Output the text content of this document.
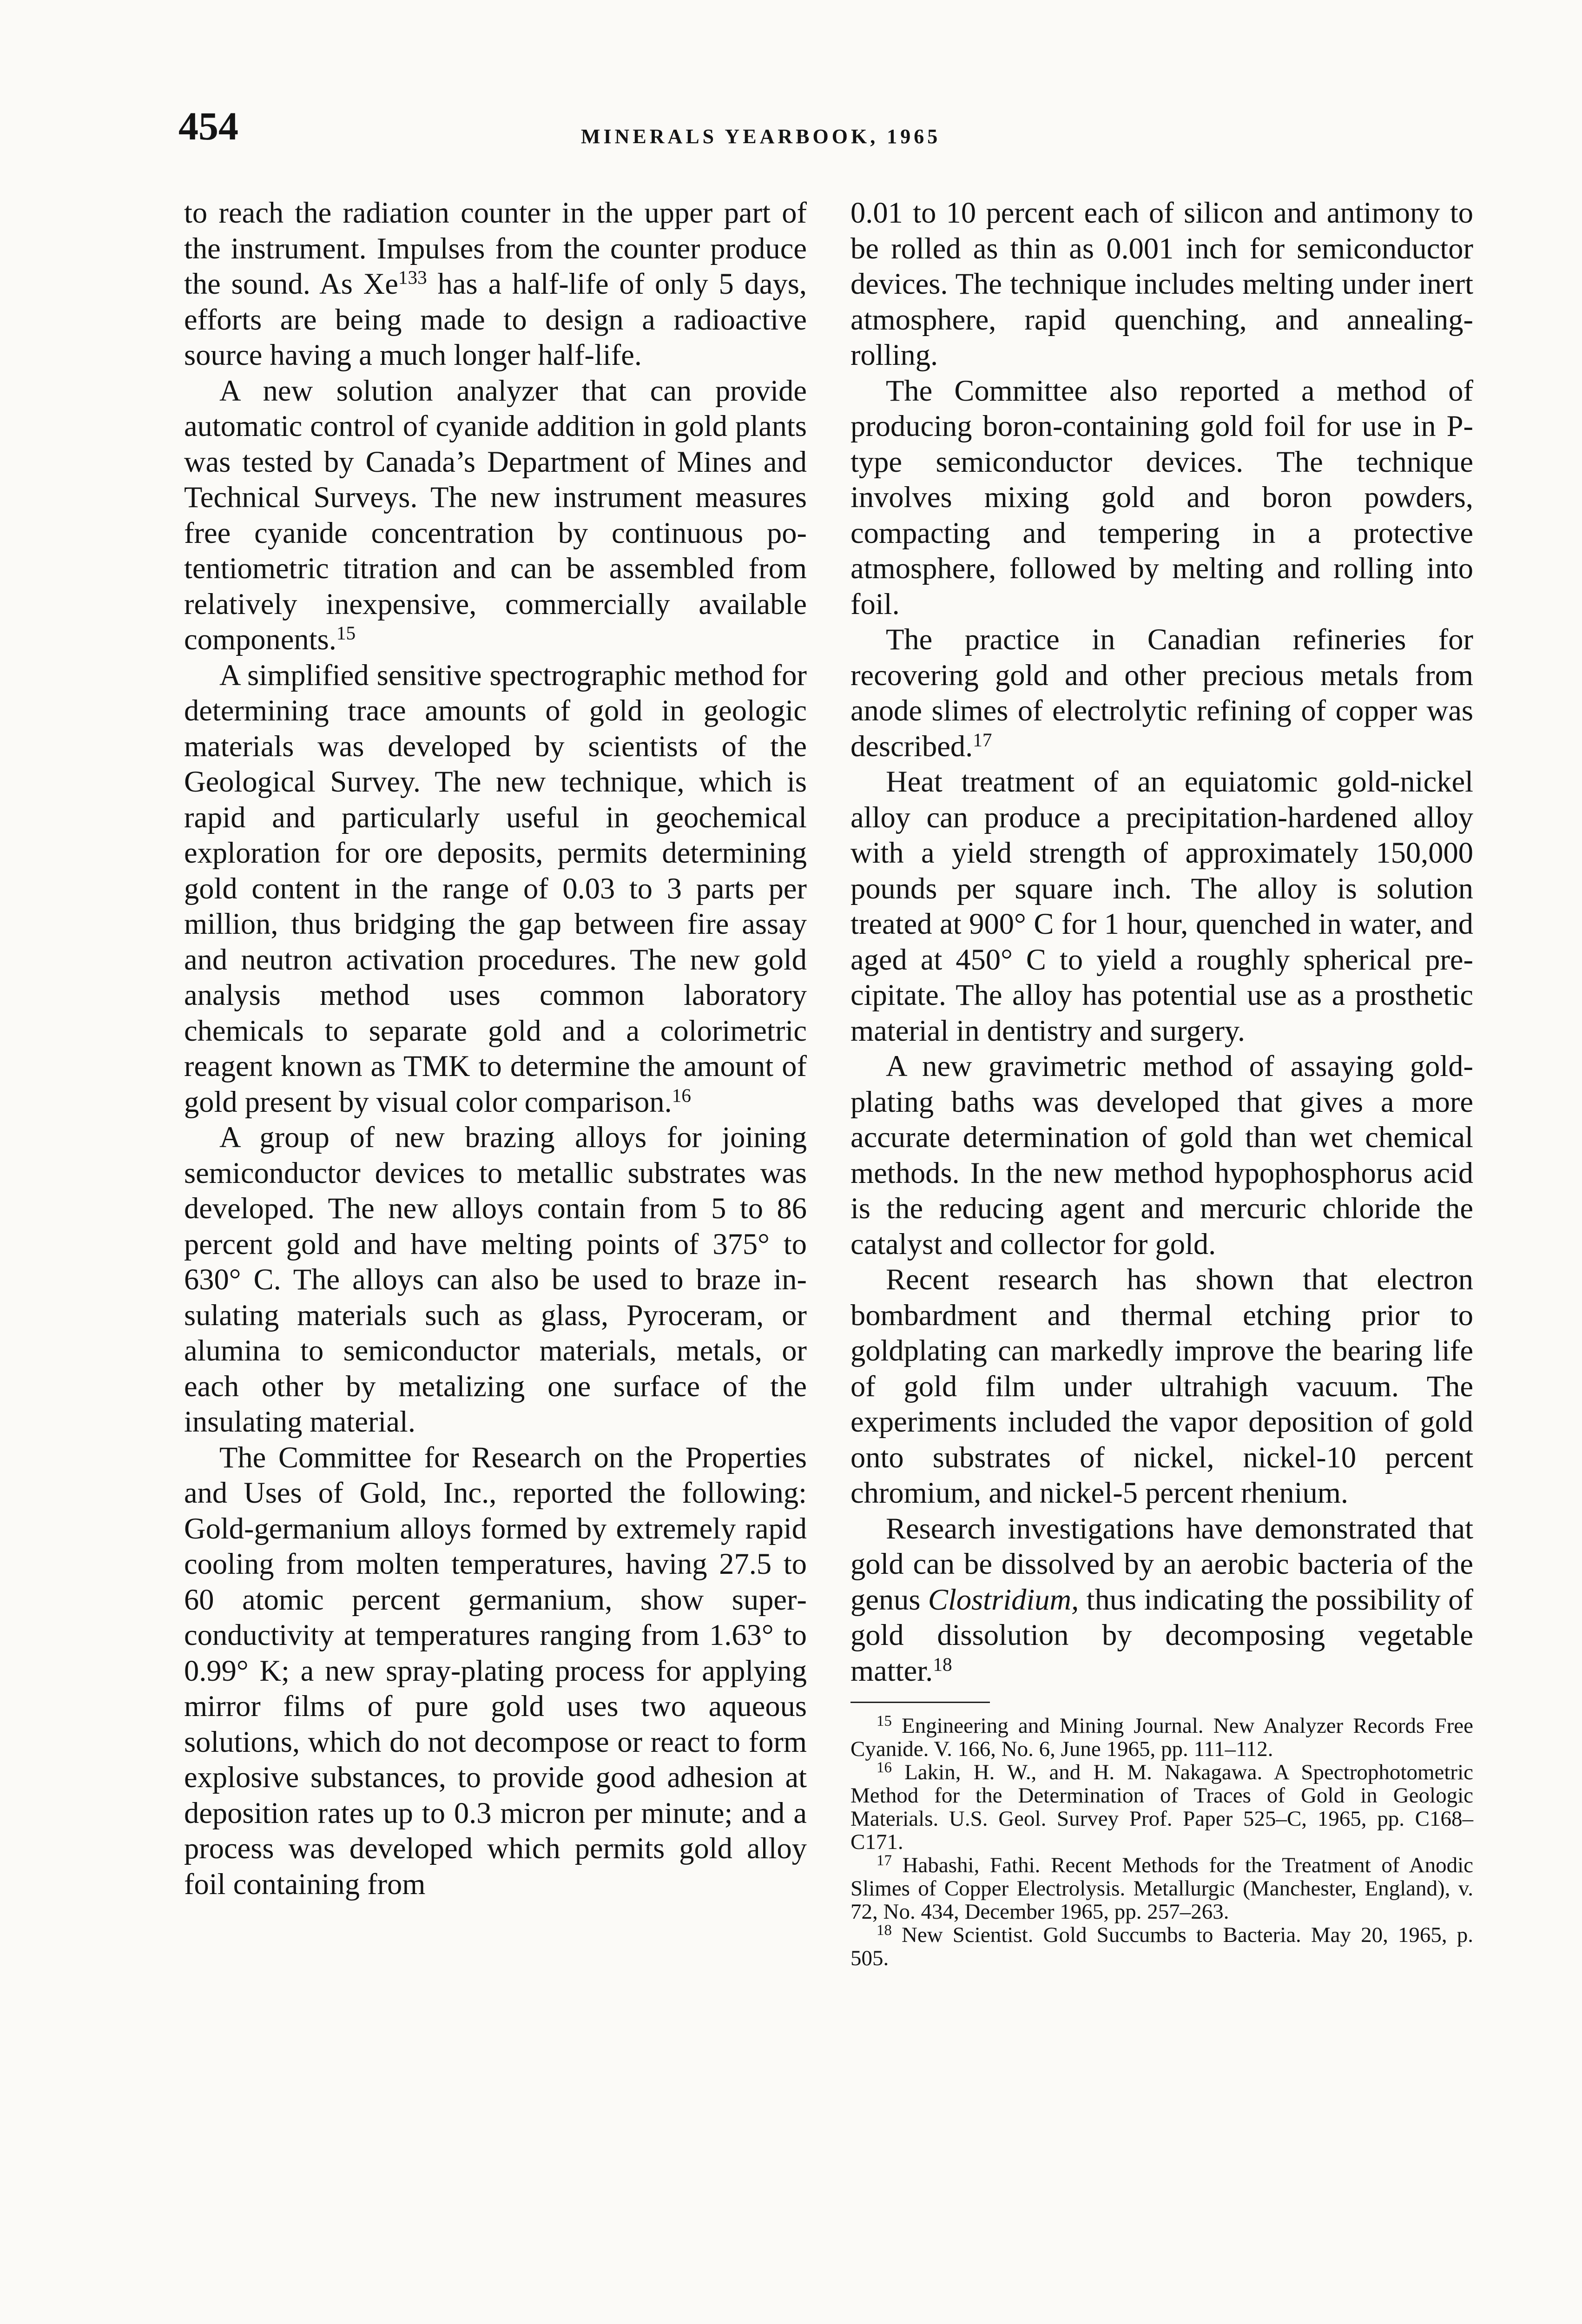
454	MINERALS YEARBOOK, 1965

to reach the radiation counter in the upper part of the instrument. Impulses from the counter produce the sound. As Xe$^{133}$ has a half-life of only 5 days, efforts are being made to design a radioactive source having a much longer half-life.

A new solution analyzer that can provide automatic control of cyanide addition in gold plants was tested by Canada’s Department of Mines and Technical Surveys. The new instrument measures free cyanide concentration by continuous potentiometric titration and can be assembled from relatively inexpensive, commercially available components.$^{15}$

A simplified sensitive spectrographic method for determining trace amounts of gold in geologic materials was developed by scientists of the Geological Survey. The new technique, which is rapid and particularly useful in geochemical exploration for ore deposits, permits determining gold content in the range of 0.03 to 3 parts per million, thus bridging the gap between fire assay and neutron activation procedures. The new gold analysis method uses common laboratory chemicals to separate gold and a colorimetric reagent known as TMK to determine the amount of gold present by visual color comparison.$^{16}$

A group of new brazing alloys for joining semiconductor devices to metallic substrates was developed. The new alloys contain from 5 to 86 percent gold and have melting points of 375° to 630° C. The alloys can also be used to braze insulating materials such as glass, Pyroceram, or alumina to semiconductor materials, metals, or each other by metalizing one surface of the insulating material.

The Committee for Research on the Properties and Uses of Gold, Inc., reported the following: Gold-germanium alloys formed by extremely rapid cooling from molten temperatures, having 27.5 to 60 atomic percent germanium, show superconductivity at temperatures ranging from 1.63° to 0.99° K; a new spray-plating process for applying mirror films of pure gold uses two aqueous solutions, which do not decompose or react to form explosive substances, to provide good adhesion at deposition rates up to 0.3 micron per minute; and a process was developed which permits gold alloy foil containing from

0.01 to 10 percent each of silicon and antimony to be rolled as thin as 0.001 inch for semiconductor devices. The technique includes melting under inert atmosphere, rapid quenching, and annealing-rolling.

The Committee also reported a method of producing boron-containing gold foil for use in P-type semiconductor devices. The technique involves mixing gold and boron powders, compacting and tempering in a protective atmosphere, followed by melting and rolling into foil.

The practice in Canadian refineries for recovering gold and other precious metals from anode slimes of electrolytic refining of copper was described.$^{17}$

Heat treatment of an equiatomic gold-nickel alloy can produce a precipitation-hardened alloy with a yield strength of approximately 150,000 pounds per square inch. The alloy is solution treated at 900° C for 1 hour, quenched in water, and aged at 450° C to yield a roughly spherical precipitate. The alloy has potential use as a prosthetic material in dentistry and surgery.

A new gravimetric method of assaying gold-plating baths was developed that gives a more accurate determination of gold than wet chemical methods. In the new method hypophosphorus acid is the reducing agent and mercuric chloride the catalyst and collector for gold.

Recent research has shown that electron bombardment and thermal etching prior to goldplating can markedly improve the bearing life of gold film under ultrahigh vacuum. The experiments included the vapor deposition of gold onto substrates of nickel, nickel-10 percent chromium, and nickel-5 percent rhenium.

Research investigations have demonstrated that gold can be dissolved by an aerobic bacteria of the genus Clostridium, thus indicating the possibility of gold dissolution by decomposing vegetable matter.$^{18}$

$^{15}$ Engineering and Mining Journal. New Analyzer Records Free Cyanide. V. 166, No. 6, June 1965, pp. 111–112.

$^{16}$ Lakin, H. W., and H. M. Nakagawa. A Spectrophotometric Method for the Determination of Traces of Gold in Geologic Materials. U.S. Geol. Survey Prof. Paper 525–C, 1965, pp. C168–C171.

$^{17}$ Habashi, Fathi. Recent Methods for the Treatment of Anodic Slimes of Copper Electrolysis. Metallurgic (Manchester, England), v. 72, No. 434, December 1965, pp. 257–263.

$^{18}$ New Scientist. Gold Succumbs to Bacteria. May 20, 1965, p. 505.
